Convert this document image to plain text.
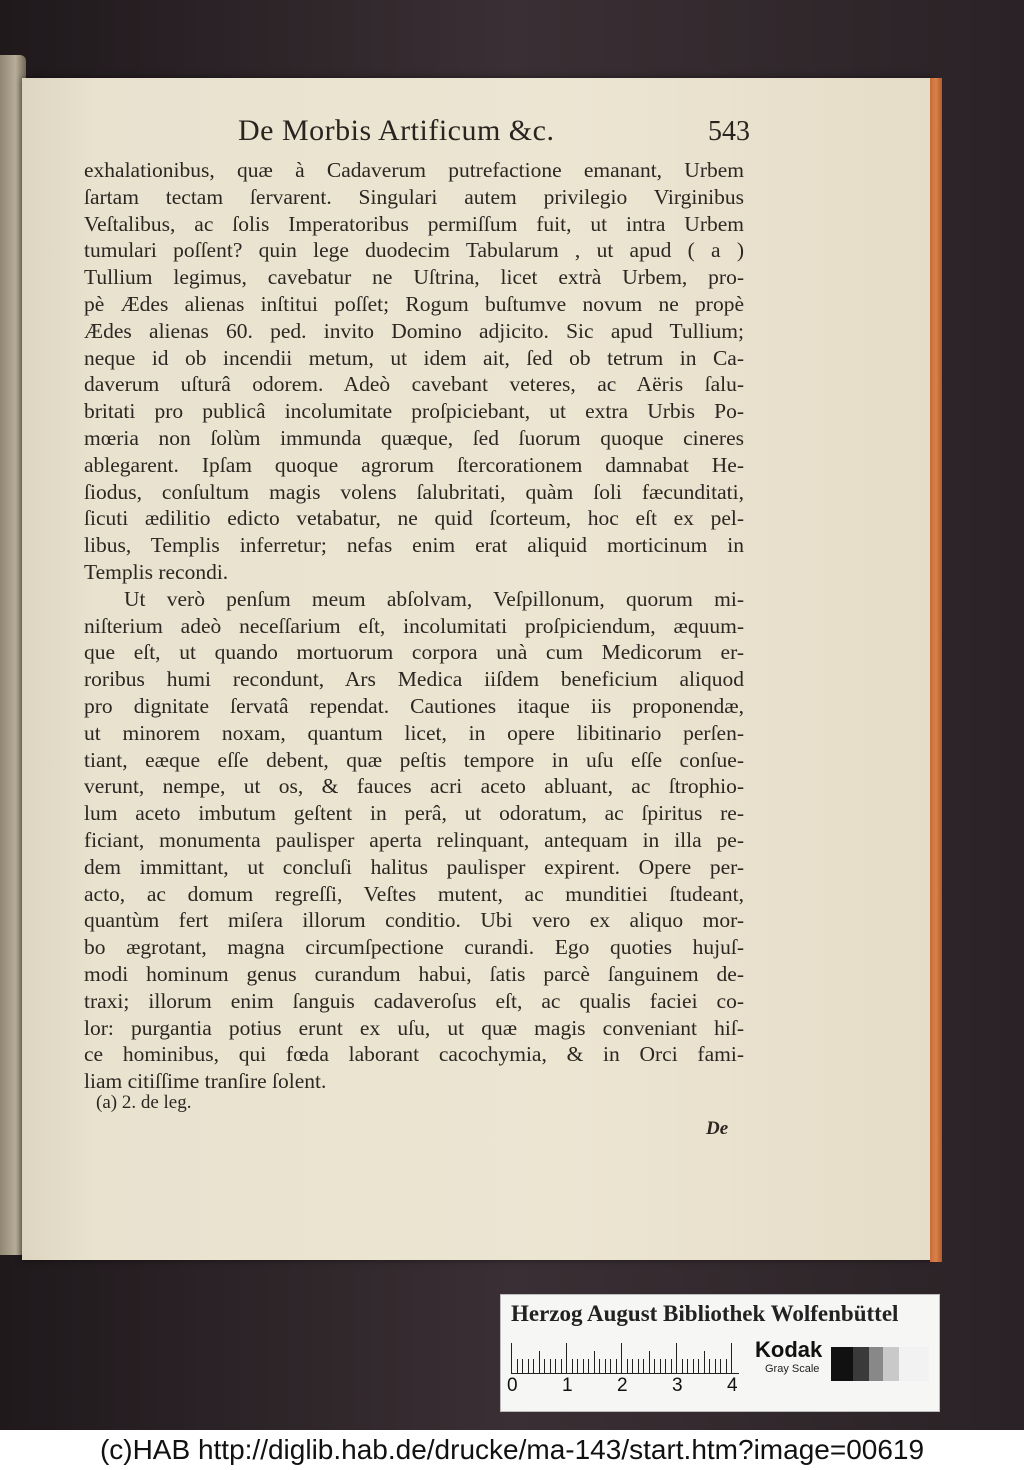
De Morbis Artificum &c.	543
exhalationibus, quæ à Cadaverum putrefactione emanant, Urbem
ſartam tectam ſervarent. Singulari autem privilegio Virginibus
Veſtalibus, ac ſolis Imperatoribus permiſſum fuit, ut intra Urbem
tumulari poſſent? quin lege duodecim Tabularum , ut apud ( a )
Tullium legimus, cavebatur ne Uſtrina, licet extrà Urbem, pro-
pè Ædes alienas inſtitui poſſet; Rogum buſtumve novum ne propè
Ædes alienas 60. ped. invito Domino adjicito. Sic apud Tullium;
neque id ob incendii metum, ut idem ait, ſed ob tetrum in Ca-
daverum uſturâ odorem. Adeò cavebant veteres, ac Aëris ſalu-
britati pro publicâ incolumitate proſpiciebant, ut extra Urbis Po-
mœria non ſolùm immunda quæque, ſed ſuorum quoque cineres
ablegarent. Ipſam quoque agrorum ſtercorationem damnabat He-
ſiodus, conſultum magis volens ſalubritati, quàm ſoli fæcunditati,
ſicuti ædilitio edicto vetabatur, ne quid ſcorteum, hoc eſt ex pel-
libus, Templis inferretur; nefas enim erat aliquid morticinum in
Templis recondi.
Ut verò penſum meum abſolvam, Veſpillonum, quorum mi-
niſterium adeò neceſſarium eſt, incolumitati proſpiciendum, æquum-
que eſt, ut quando mortuorum corpora unà cum Medicorum er-
roribus humi recondunt, Ars Medica iiſdem beneficium aliquod
pro dignitate ſervatâ rependat. Cautiones itaque iis proponendæ,
ut minorem noxam, quantum licet, in opere libitinario perſen-
tiant, eæque eſſe debent, quæ peſtis tempore in uſu eſſe conſue-
verunt, nempe, ut os, & fauces acri aceto abluant, ac ſtrophio-
lum aceto imbutum geſtent in perâ, ut odoratum, ac ſpiritus re-
ficiant, monumenta paulisper aperta relinquant, antequam in illa pe-
dem immittant, ut concluſi halitus paulisper expirent. Opere per-
acto, ac domum regreſſi, Veſtes mutent, ac munditiei ſtudeant,
quantùm fert miſera illorum conditio. Ubi vero ex aliquo mor-
bo ægrotant, magna circumſpectione curandi. Ego quoties hujuſ-
modi hominum genus curandum habui, ſatis parcè ſanguinem de-
traxi; illorum enim ſanguis cadaveroſus eſt, ac qualis faciei co-
lor: purgantia potius erunt ex uſu, ut quæ magis conveniant hiſ-
ce hominibus, qui fœda laborant cacochymia, & in Orci fami-
liam citiſſime tranſire ſolent.
(a) 2. de leg.
De
Herzog August Bibliothek Wolfenbüttel
0 1 2 3 4
Kodak
Gray Scale
(c)HAB http://diglib.hab.de/drucke/ma-143/start.htm?image=00619
